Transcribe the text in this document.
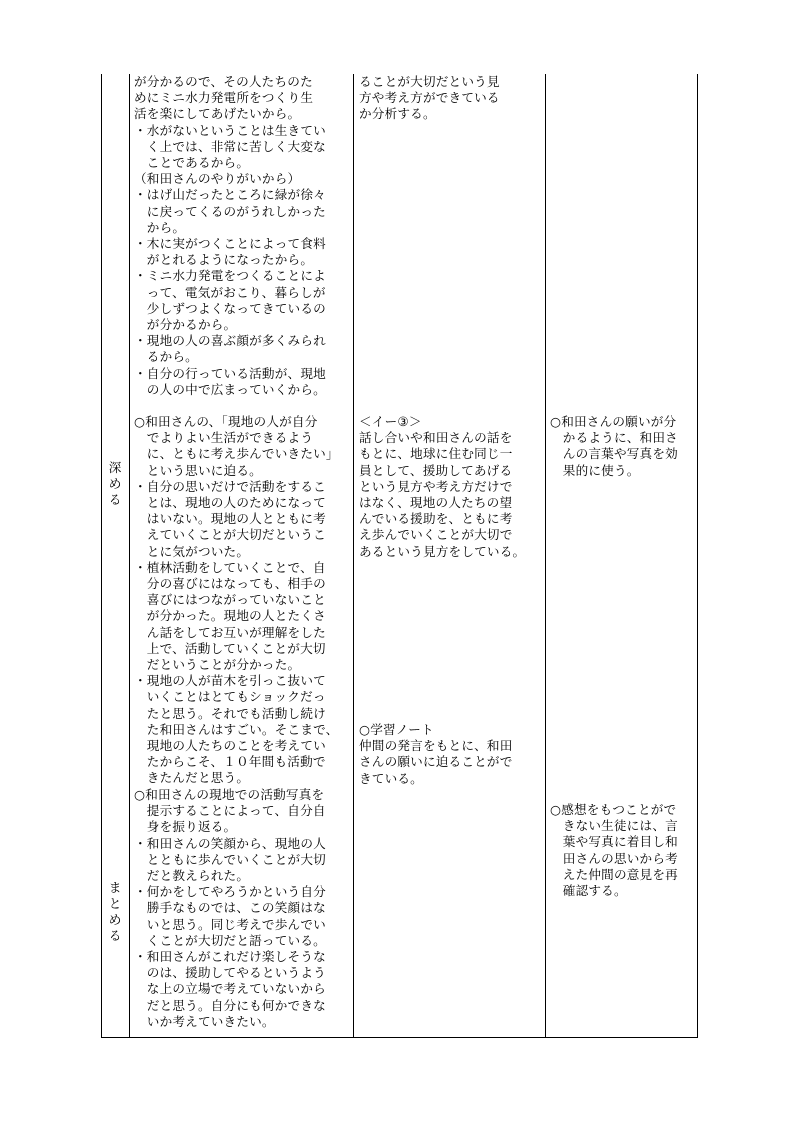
深
め
る
ま
と
め
る
が分かるので、その人たちのた
めにミニ水力発電所をつくり生
活を楽にしてあげたいから。
・水がないということは生きてい
　く上では、非常に苦しく大変な
　ことであるから。
（和田さんのやりがいから）
・はげ山だったところに緑が徐々
　に戻ってくるのがうれしかった
　から。
・木に実がつくことによって食料
　がとれるようになったから。
・ミニ水力発電をつくることによ
　って、電気がおこり、暮らしが
　少しずつよくなってきているの
　が分かるから。
・現地の人の喜ぶ顔が多くみられ
　るから。
・自分の行っている活動が、現地
　の人の中で広まっていくから。
○和田さんの、「現地の人が自分
　でよりよい生活ができるよう
　に、ともに考え歩んでいきたい」
　という思いに迫る。
・自分の思いだけで活動をするこ
　とは、現地の人のためになって
　はいない。現地の人とともに考
　えていくことが大切だというこ
　とに気がついた。
・植林活動をしていくことで、自
　分の喜びにはなっても、相手の
　喜びにはつながっていないこと
　が分かった。現地の人とたくさ
　ん話をしてお互いが理解をした
　上で、活動していくことが大切
　だということが分かった。
・現地の人が苗木を引っこ抜いて
　いくことはとてもショックだっ
　たと思う。それでも活動し続け
　た和田さんはすごい。そこまで、
　現地の人たちのことを考えてい
　たからこそ、１０年間も活動で
　きたんだと思う。
○和田さんの現地での活動写真を
　提示することによって、自分自
　身を振り返る。
・和田さんの笑顔から、現地の人
　とともに歩んでいくことが大切
　だと教えられた。
・何かをしてやろうかという自分
　勝手なものでは、この笑顔はな
　いと思う。同じ考えで歩んでい
　くことが大切だと語っている。
・和田さんがこれだけ楽しそうな
　のは、援助してやるというよう
　な上の立場で考えていないから
　だと思う。自分にも何かできな
　いか考えていきたい。
ることが大切だという見
方や考え方ができている
か分析する。
＜イー③＞
話し合いや和田さんの話を
もとに、地球に住む同じ一
員として、援助してあげる
という見方や考え方だけで
はなく、現地の人たちの望
んでいる援助を、ともに考
え歩んでいくことが大切で
あるという見方をしている。
○学習ノート
仲間の発言をもとに、和田
さんの願いに迫ることがで
きている。
○和田さんの願いが分
　かるように、和田さ
　んの言葉や写真を効
　果的に使う。
○感想をもつことがで
　きない生徒には、言
　葉や写真に着目し和
　田さんの思いから考
　えた仲間の意見を再
　確認する。
